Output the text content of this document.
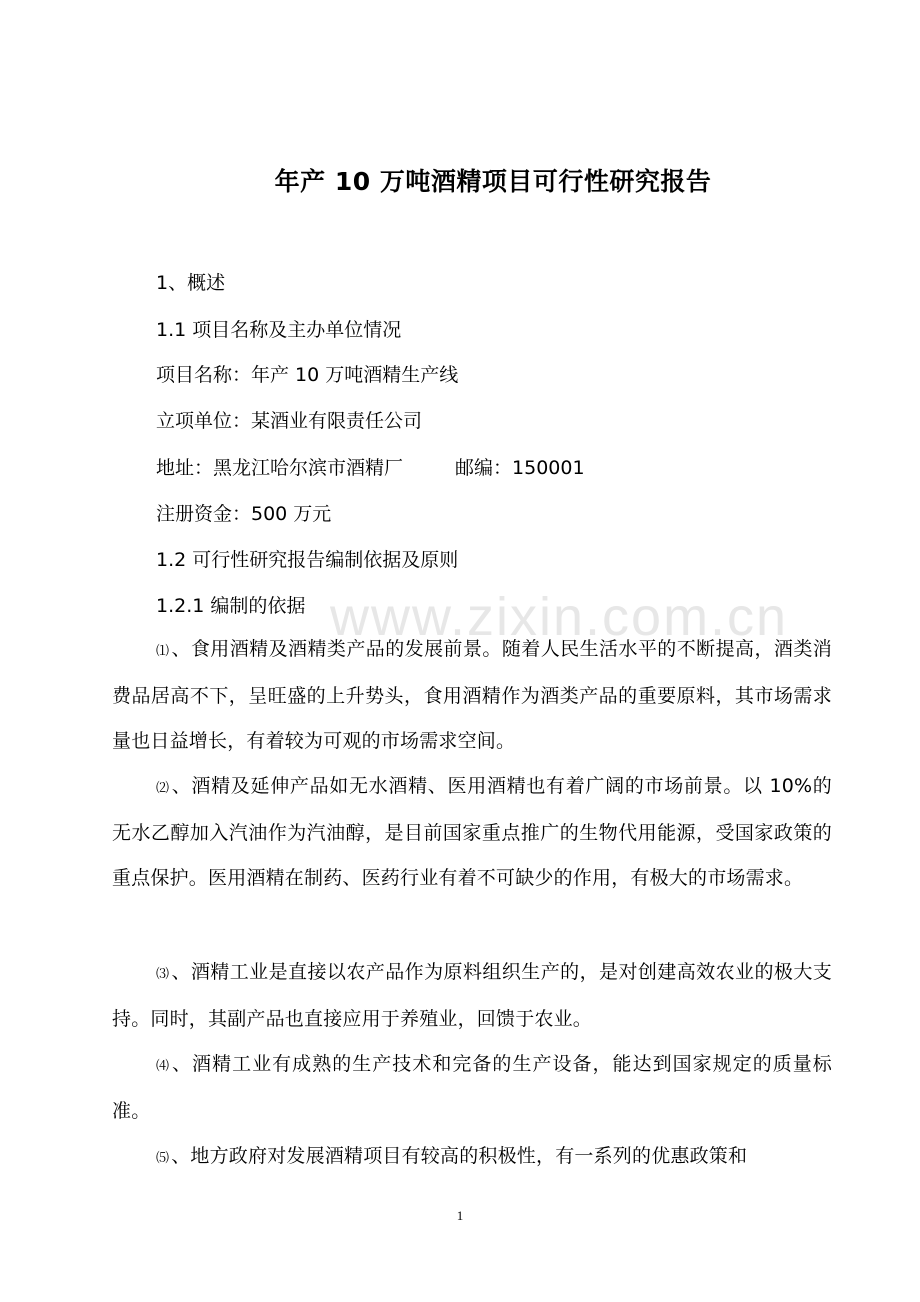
www.zixin.com.cn

年产 10 万吨酒精项目可行性研究报告

1、概述

1.1 项目名称及主办单位情况

项目名称：年产 10 万吨酒精生产线

立项单位：某酒业有限责任公司

地址：黑龙江哈尔滨市酒精厂	邮编：150001

注册资金：500 万元

1.2 可行性研究报告编制依据及原则

1.2.1 编制的依据

⑴ 、食用酒精及酒精类产品的发展前景。随着人民生活水平的不断提高，酒类消费品居高不下，呈旺盛的上升势头，食用酒精作为酒类产品的重要原料，其市场需求量也日益增长，有着较为可观的市场需求空间。

⑵ 、酒精及延伸产品如无水酒精、医用酒精也有着广阔的市场前景。以 10%的无水乙醇加入汽油作为汽油醇，是目前国家重点推广的生物代用能源，受国家政策的重点保护。医用酒精在制药、医药行业有着不可缺少的作用，有极大的市场需求。

⑶ 、酒精工业是直接以农产品作为原料组织生产的，是对创建高效农业的极大支持。同时，其副产品也直接应用于养殖业，回馈于农业。

⑷ 、酒精工业有成熟的生产技术和完备的生产设备，能达到国家规定的质量标准。

⑸ 、地方政府对发展酒精项目有较高的积极性，有一系列的优惠政策和

1
